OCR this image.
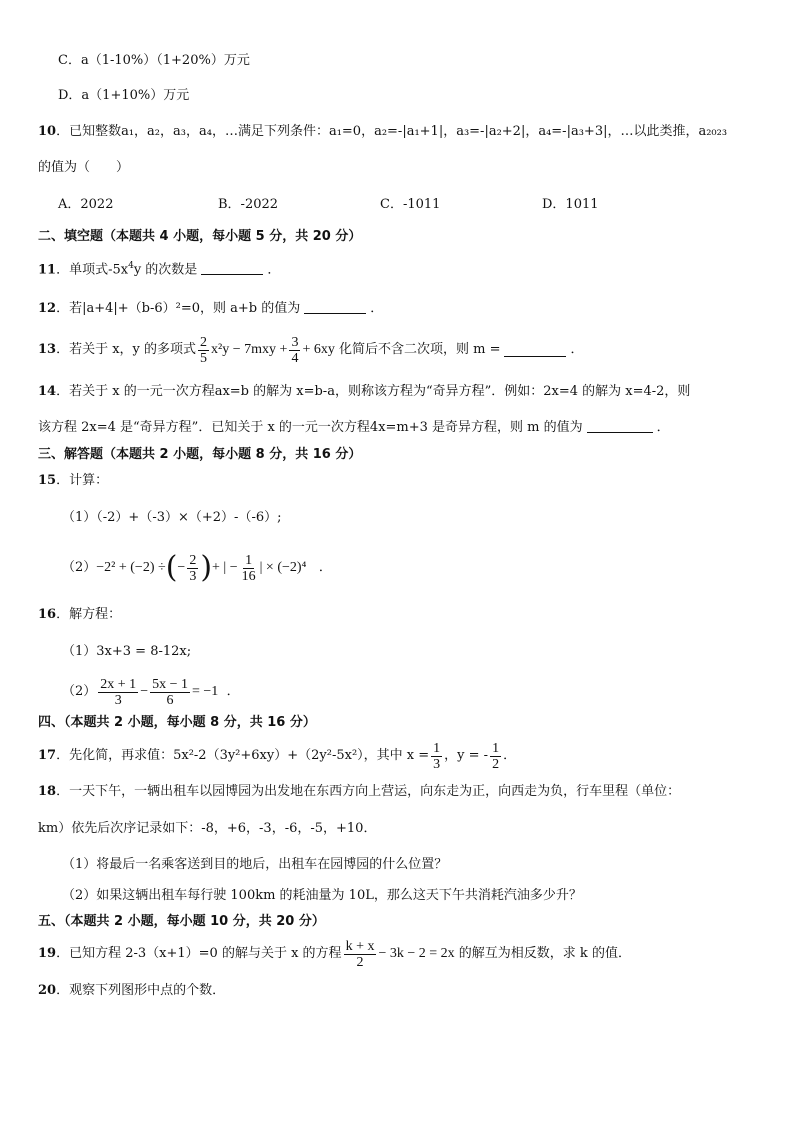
C．a（1-10%）（1+20%）万元
D．a（1+10%）万元
10．已知整数a₁，a₂，a₃，a₄，…满足下列条件：a₁=0，a₂=-|a₁+1|，a₃=-|a₂+2|，a₄=-|a₃+3|，…以此类推，a₂₀₂₃
的值为（　　）
A．2022	B．-2022	C．-1011	D．1011
二、填空题（本题共 4 小题，每小题 5 分，共 20 分）
11．单项式$-5x^4y$ 的次数是	．
12．若|a+4|+（b-6）²=0，则 a+b 的值为	．
13 ．若关于 x，y 的多项式 $\frac{2}{5} x^2y - 7mxy + \frac{3}{4} + 6xy$
化简后不含二次项，则 m =	．
14．若关于 x 的一元一次方程ax=b 的解为 x=b-a，则称该方程为“奇异方程”．例如：2x=4 的解为 x=4-2，则
该方程 2x=4 是“奇异方程”．已知关于 x 的一元一次方程4x=m+3 是奇异方程，则 m 的值为	．
三、解答题（本题共 2 小题，每小题 8 分，共 16 分）
15．计算：
（1）（-2）+（-3）×（+2）-（-6）;
（2） −2² + (−2) ÷ ( − $\frac{2}{3}$ ) + | − $\frac{1}{16}$ | × (−2)⁴
．
16．解方程：
（1）3x+3 = 8-12x;
$(2) \frac{2x + 1}{3} - \frac{5x - 1}{6} = -1$
．
四、（本题共 2 小题，每小题 8 分，共 16 分）
17 ．先化简，再求值：5x²-2（3y²+6xy）+（2y²-5x²），其中 $x = \frac{1}{3}$ ，y = - $\frac{1}{2}$ ．
18．一天下午，一辆出租车以园博园为出发地在东西方向上营运，向东走为正，向西走为负，行车里程（单位：
km）依先后次序记录如下：-8，+6，-3，-6，-5，+10．
（1）将最后一名乘客送到目的地后，出租车在园博园的什么位置？
（2）如果这辆出租车每行驶 100km 的耗油量为 10L，那么这天下午共消耗汽油多少升？
五、（本题共 2 小题，每小题 10 分，共 20 分）
19 ．已知方程 2-3（x+1）=0 的解与关于 x 的方程 $\frac{k + x}{2} - 3k - 2 = 2x$
的解互为相反数，求 k 的值．
20．观察下列图形中点的个数．
